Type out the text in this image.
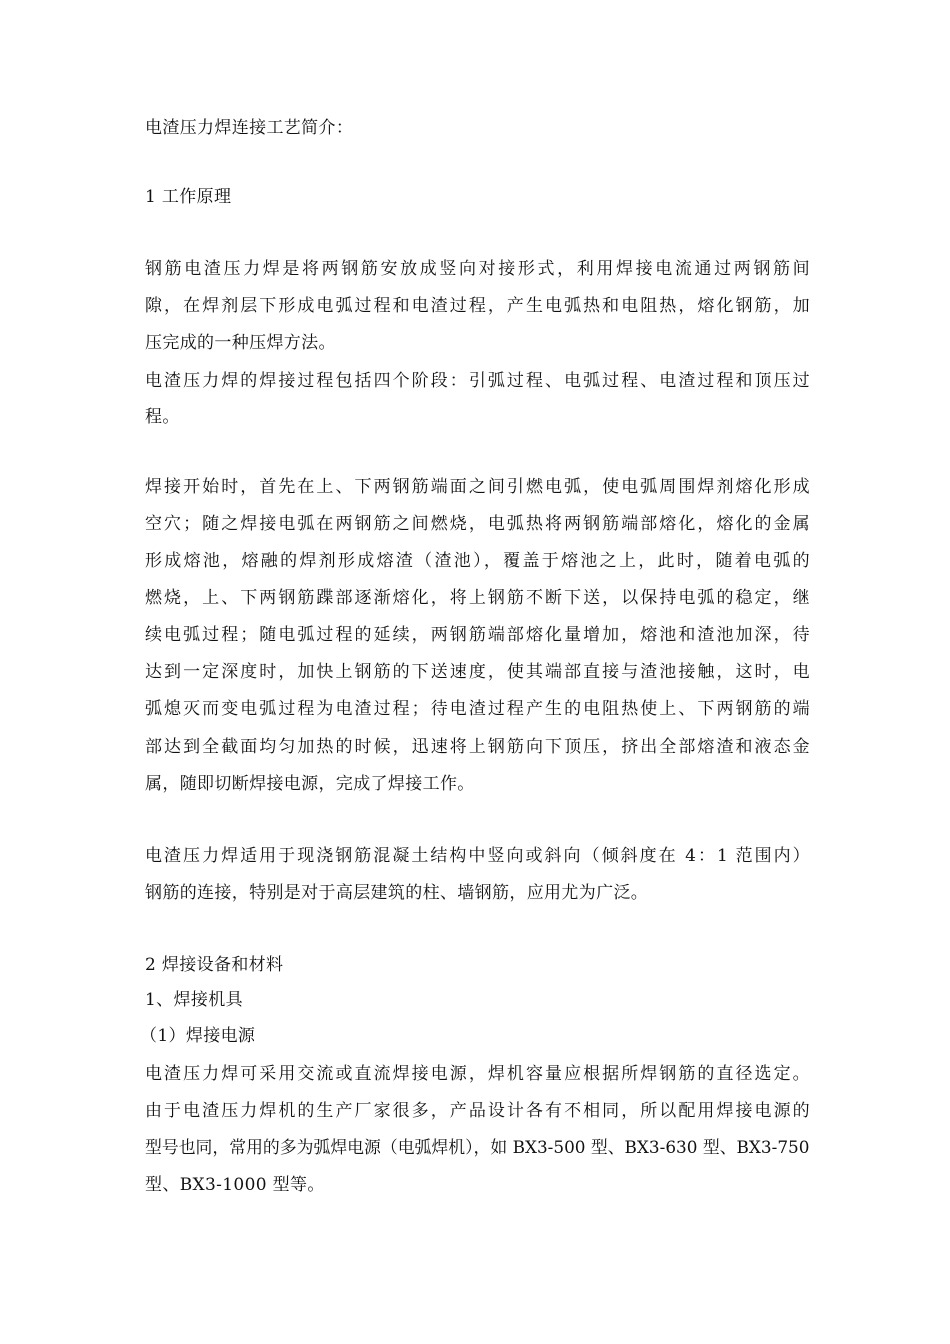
电渣压力焊连接工艺简介：
1 工作原理
钢筋电渣压力焊是将两钢筋安放成竖向对接形式，利用焊接电流通过两钢筋间
隙，在焊剂层下形成电弧过程和电渣过程，产生电弧热和电阻热，熔化钢筋，加
压完成的一种压焊方法。
电渣压力焊的焊接过程包括四个阶段：引弧过程、电弧过程、电渣过程和顶压过
程。
焊接开始时，首先在上、下两钢筋端面之间引燃电弧，使电弧周围焊剂熔化形成
空穴；随之焊接电弧在两钢筋之间燃烧，电弧热将两钢筋端部熔化，熔化的金属
形成熔池，熔融的焊剂形成熔渣（渣池），覆盖于熔池之上，此时，随着电弧的
燃烧，上、下两钢筋蹀部逐渐熔化，将上钢筋不断下送，以保持电弧的稳定，继
续电弧过程；随电弧过程的延续，两钢筋端部熔化量增加，熔池和渣池加深，待
达到一定深度时，加快上钢筋的下送速度，使其端部直接与渣池接触，这时，电
弧熄灭而变电弧过程为电渣过程；待电渣过程产生的电阻热使上、下两钢筋的端
部达到全截面均匀加热的时候，迅速将上钢筋向下顶压，挤出全部熔渣和液态金
属，随即切断焊接电源，完成了焊接工作。
电渣压力焊适用于现浇钢筋混凝土结构中竖向或斜向（倾斜度在 4：1 范围内）
钢筋的连接，特别是对于高层建筑的柱、墙钢筋，应用尤为广泛。
2 焊接设备和材料
1、焊接机具
（1）焊接电源
电渣压力焊可采用交流或直流焊接电源，焊机容量应根据所焊钢筋的直径选定。
由于电渣压力焊机的生产厂家很多，产品设计各有不相同，所以配用焊接电源的
型号也同，常用的多为弧焊电源（电弧焊机），如 BX3-500 型、BX3-630 型、BX3-750
型、BX3-1000 型等。
